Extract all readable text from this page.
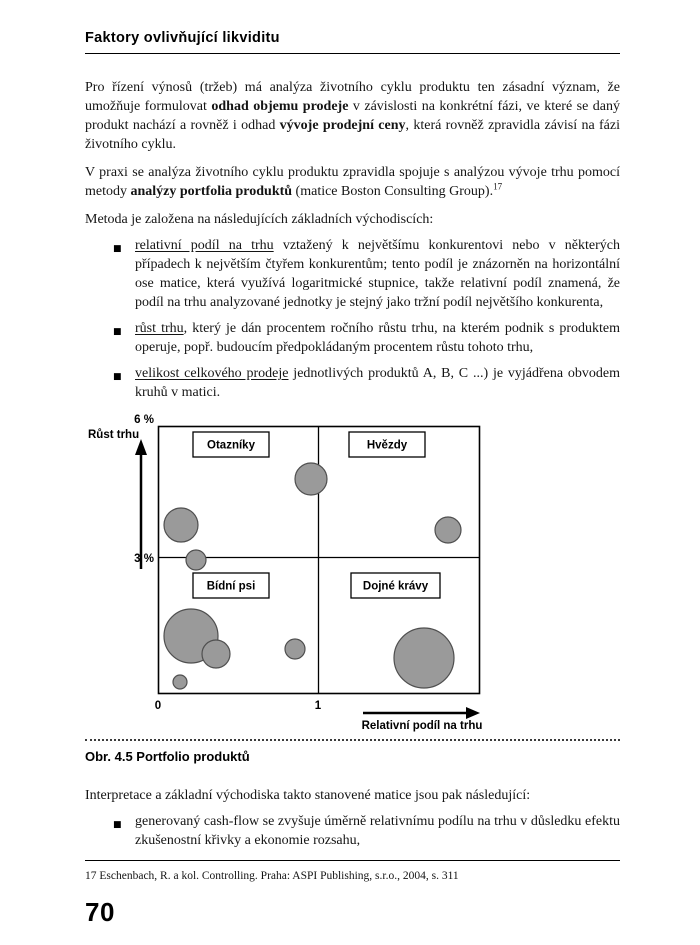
Faktory ovlivňující likviditu

Pro řízení výnosů (tržeb) má analýza životního cyklu produktu ten zásadní význam, že umožňuje formulovat odhad objemu prodeje v závislosti na konkrétní fázi, ve které se daný produkt nachází a rovněž i odhad vývoje prodejní ceny, která rovněž zpravidla závisí na fázi životního cyklu.

V praxi se analýza životního cyklu produktu zpravidla spojuje s analýzou vývoje trhu pomocí metody analýzy portfolia produktů (matice Boston Consulting Group).$^{17}$

Metoda je založena na následujících základních východiscích:

■ relativní podíl na trhu vztažený k největšímu konkurentovi nebo v některých případech k největším čtyřem konkurentům; tento podíl je znázorněn na horizontální ose matice, která využívá logaritmické stupnice, takže relativní podíl znamená, že podíl na trhu analyzované jednotky je stejný jako tržní podíl největšího konkurenta,
■ růst trhu, který je dán procentem ročního růstu trhu, na kterém podnik s produktem operuje, popř. budoucím předpokládaným procentem růstu tohoto trhu,
■ velikost celkového prodeje jednotlivých produktů A, B, C ...) je vyjádřena obvodem kruhů v matici.
6 %
Růst trhu
3 %
Otazníky	Hvězdy
Bídní psi	Dojné krávy
0	1
Relativní podíl na trhu
Obr. 4.5 Portfolio produktů

Interpretace a základní východiska takto stanovené matice jsou pak následující:

■ generovaný cash-flow se zvyšuje úměrně relativnímu podílu na trhu v důsledku efektu zkušenostní křivky a ekonomie rozsahu,
17 Eschenbach, R. a kol. Controlling. Praha: ASPI Publishing, s.r.o., 2004, s. 311
70
